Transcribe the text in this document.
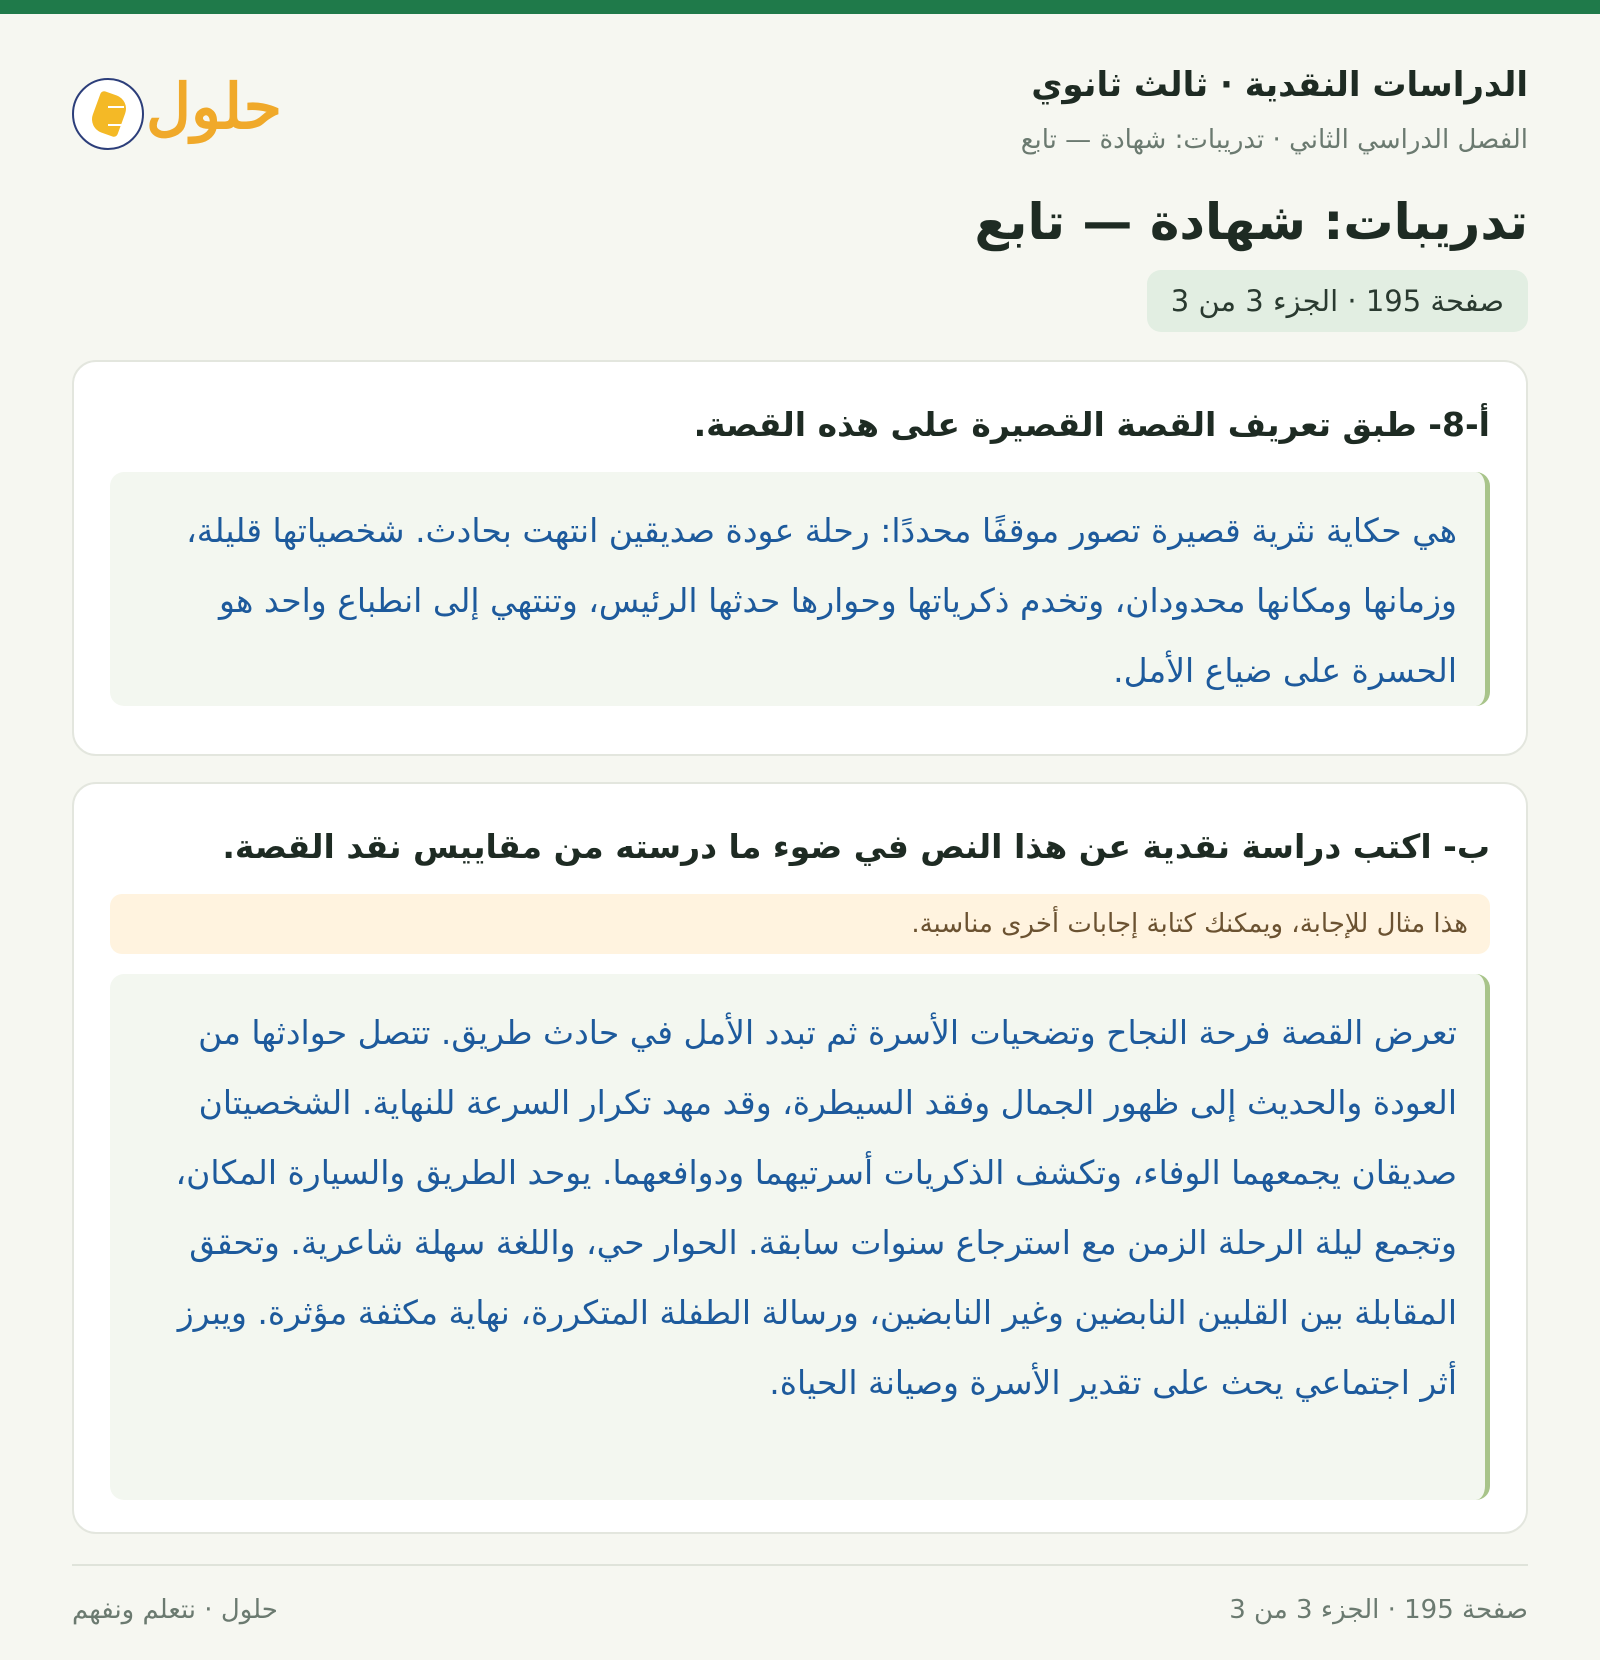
الدراسات النقدية · ثالث ثانوي
الفصل الدراسي الثاني · تدريبات: شهادة — تابع
حلول
تدريبات: شهادة — تابع
صفحة 195 · الجزء 3 من 3
أ-8- طبق تعريف القصة القصيرة على هذه القصة.
هي حكاية نثرية قصيرة تصور موقفًا محددًا: رحلة عودة صديقين انتهت بحادث. شخصياتها قليلة، وزمانها ومكانها محدودان، وتخدم ذكرياتها وحوارها حدثها الرئيس، وتنتهي إلى انطباع واحد هو الحسرة على ضياع الأمل.
ب- اكتب دراسة نقدية عن هذا النص في ضوء ما درسته من مقاييس نقد القصة.
هذا مثال للإجابة، ويمكنك كتابة إجابات أخرى مناسبة.
تعرض القصة فرحة النجاح وتضحيات الأسرة ثم تبدد الأمل في حادث طريق. تتصل حوادثها من العودة والحديث إلى ظهور الجمال وفقد السيطرة، وقد مهد تكرار السرعة للنهاية. الشخصيتان صديقان يجمعهما الوفاء، وتكشف الذكريات أسرتيهما ودوافعهما. يوحد الطريق والسيارة المكان، وتجمع ليلة الرحلة الزمن مع استرجاع سنوات سابقة. الحوار حي، واللغة سهلة شاعرية. وتحقق المقابلة بين القلبين النابضين وغير النابضين، ورسالة الطفلة المتكررة، نهاية مكثفة مؤثرة. ويبرز أثر اجتماعي يحث على تقدير الأسرة وصيانة الحياة.
صفحة 195 · الجزء 3 من 3
حلول · نتعلم ونفهم
